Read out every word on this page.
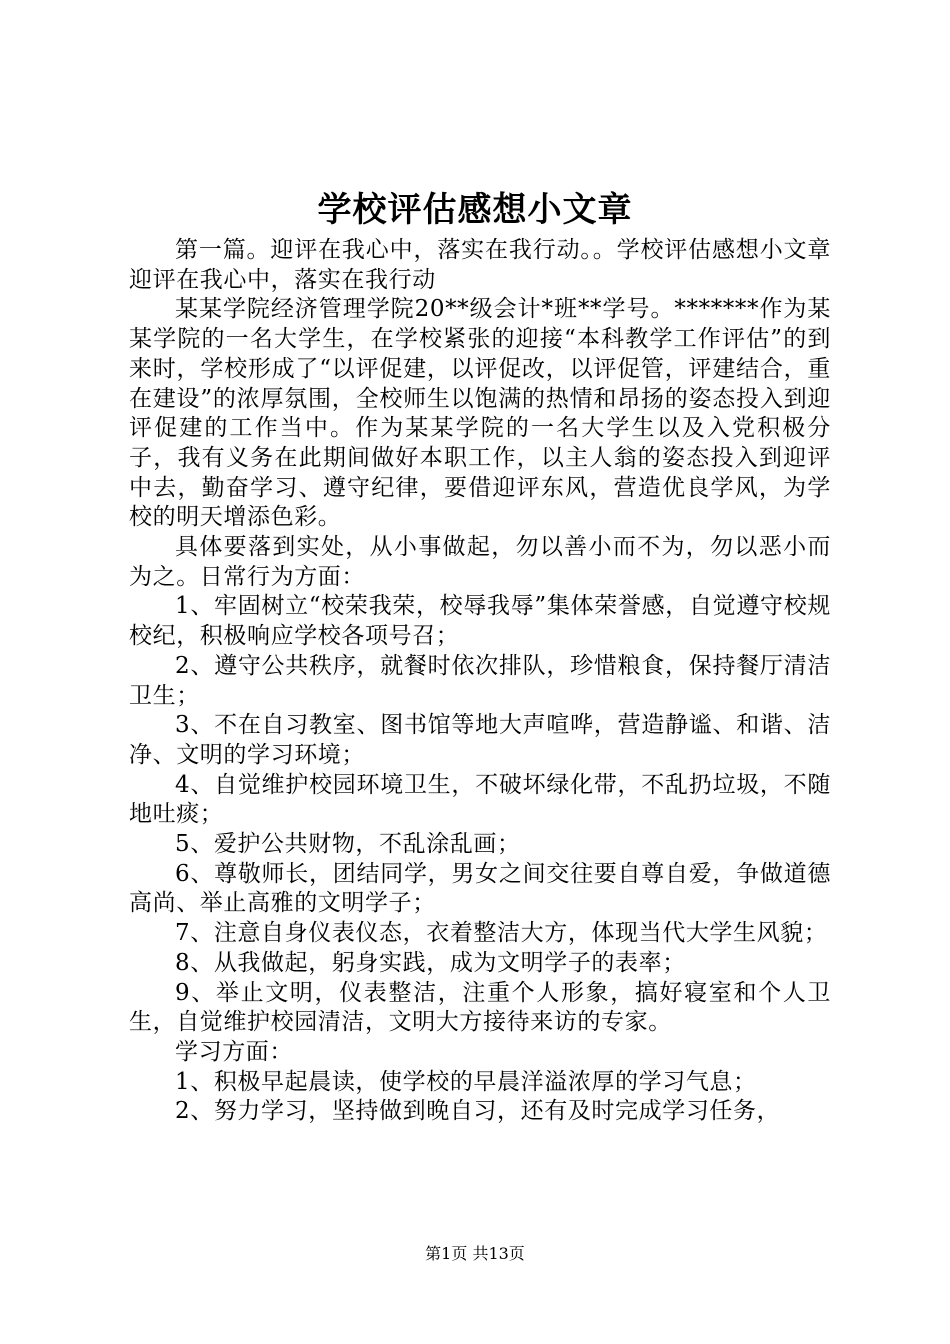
学校评估感想小文章

第一篇。迎评在我心中，落实在我行动。。学校评估感想小文章迎评在我心中，落实在我行动

某某学院经济管理学院20**级会计*班**学号。*******作为某某学院的一名大学生，在学校紧张的迎接“本科教学工作评估”的到来时，学校形成了“以评促建，以评促改，以评促管，评建结合，重在建设”的浓厚氛围，全校师生以饱满的热情和昂扬的姿态投入到迎评促建的工作当中。作为某某学院的一名大学生以及入党积极分子，我有义务在此期间做好本职工作，以主人翁的姿态投入到迎评中去，勤奋学习、遵守纪律，要借迎评东风，营造优良学风，为学校的明天增添色彩。

具体要落到实处，从小事做起，勿以善小而不为，勿以恶小而为之。日常行为方面：

1、牢固树立“校荣我荣，校辱我辱”集体荣誉感，自觉遵守校规校纪，积极响应学校各项号召；

2、遵守公共秩序，就餐时依次排队，珍惜粮食，保持餐厅清洁卫生；

3、不在自习教室、图书馆等地大声喧哗，营造静谧、和谐、洁净、文明的学习环境；

4、自觉维护校园环境卫生，不破坏绿化带，不乱扔垃圾，不随地吐痰；

5、爱护公共财物，不乱涂乱画；

6、尊敬师长，团结同学，男女之间交往要自尊自爱，争做道德高尚、举止高雅的文明学子；

7、注意自身仪表仪态，衣着整洁大方，体现当代大学生风貌；

8、从我做起，躬身实践，成为文明学子的表率；

9、举止文明，仪表整洁，注重个人形象，搞好寝室和个人卫生，自觉维护校园清洁，文明大方接待来访的专家。

学习方面：

1、积极早起晨读，使学校的早晨洋溢浓厚的学习气息；

2、努力学习，坚持做到晚自习，还有及时完成学习任务，

第1页 共13页
